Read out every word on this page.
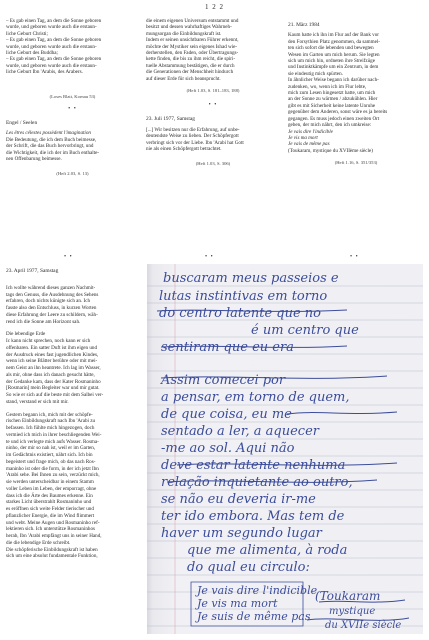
1 2 2

– Es gab einen Tag, an dem die Sonne geboren

wurde, und geboren wurde auch die erstaun-

liche Geburt Christi;

– Es gab einen Tag, an dem die Sonne geboren

wurde, und geboren wurde auch die erstaun-

liche Geburt des Buddha;

– Es gab einen Tag, an dem die Sonne geboren

wurde, und geboren wurde auch die erstaun-

liche Geburt Ibn 'Arabis, des Arabers.

(Loses Blatt, Kornau 53)
• •
Engel / Seelen

Les êtres célestes possèdent l'imagination

Die Bedeutung, die ich dem Buch beimesse,

der Schrift, die das Buch hervorbringt, und

die Wichtigkeit, die ich der im Buch enthalte-

nen Offenbarung beimesse.

(Heft 2.03, S. 13)

die einem eigenen Universum entstammt und

besitzt und dessen wahrhaftiges Wahrneh-

mungsorgan die Einbildungskraft ist.

Indem er seinen unsichtbaren Führer erkennt,

möchte der Mystiker sein eigenes Ishad wie-

derherstellen, den Faden, oder Übertragungs-

kette finden, die bis zu ihm reicht, die spiri-

tuelle Abstammung bestätigen, die er durch

die Generationen der Menschheit hindurch

auf dieser Erde für sich beansprucht.

(Heft 1.03, S. 181–183, 188)
• •
23. Juli 1977, Samstag

[...] Wir besitzen nur die Erfahrung, auf unbe-

deutendste Weise zu lieben. Der Schöpfergott

verbringt sich vor der Liebe. Ibn 'Arabi hat Gott

nie als einen Schöpfergott betrachtet.

(Heft 1.03, S. 306)
21. März 1984

Kaum hatte ich ihn im Flur auf der Bank vor

den Forsythien Platz genommen, da sammel-

ten sich sofort die lebenden und bewegten

Wesen im Garten um mich herum. Sie legten

sich um mich hin, ordneten ihre Streifzüge

und Instinktkämpfe um ein Zentrum, in dem

sie eindeutig mich spürten.

In ähnlicher Weise begann ich darüber nach-

zudenken, wo, wenn ich im Flur lebte,

mich zum Lesen hingesetzt hatte, um mich

an der Sonne zu wärmen / abzukühlen. Hier

gibt es mit Sicherheit keine latente Unruhe

gegenüber dem Anderen, sonst wäre es ja bereits

gegangen. Es muss jedoch einen zweiten Ort

geben, der mich nährt, den ich umkreise:

Je vais dire l'indicible

Je vis ma mort

Je vais de même pas

(Toukaram, mystique du XVIIème siècle)

(Heft 1.16, S. 351/353)
• •	• •	• •
23. April 1977, Samstag

Ich wollte während dieses ganzen Nachmit-

tags den Genuss, die Ausdehnung des Sehens

erfahren, doch nichts künigte sich an. Ich

fasste also den Entschluss, in kurzen Worten

diese Erfahrung der Leere zu schildern, wäh-

rend ich die Sonne am Horizont sah.

Die lebendige Erde

Ic kann nicht sprechen, noch kann er sich

offenbaren. Ein satter Duft ist ihm eigen und

der Ausdruck eines fast jugendlichen Kindes,

wenn ich seine Blätter berühre oder mit mei-

nem Geist an ihn heantrete. Ich lag im Wasser,

als mir, ohne dass ich danach gesucht hätte,

der Gedanke kam, dass der Kater Rosmaninho

[Rosmarin] mein Begleiter war und mir gutat.

So wie er sich auf die beste mit dem Salbei ver-

stand, verstand er sich mit mir.

Gestern begann ich, mich mit der schöpfe-

rischen Einbildungskraft nach Ibn 'Arabi zu

befassen. Ich fühlte mich hingezogen, doch

vermied ich mich in ihrer beschliegenden Wei-

te und ich verlegte mich aufs Wasser. Rosma-

ninho, der mir so nah ist, weil er im Garten,

im Gedächtnis existiert, nährt sich. Ich bin

begeistert und frage mich, ob das nach Ros-

maninho ist oder die form, in der ich jetzt Ibn

'Arabi sehe. Bei Ihnen zu sein, verzückt mich,

sie werden unterscheidbar in einem Stamm

voller Leben im Leben, der emporragt, ohne

dass ich die Ärte des Baumes erkenne. Ein

starkes Licht überstrahlt Rosmaninho und

es eröffnen sich weite Felder tierischer und

pflanzlicher Energie, die im Wind flimmert

und webt. Meine Augen und Rosmaninho ref-

lektieren sich. Ich unterstütze Rosmaninhos

herab, Ibn 'Arabi empfängt uns in seiner Hand,

die die lebendige Erde schreibt.

Die schöpferische Einbildungskraft ist haben

sich um eine absolut fundamentale Funktion,

buscaram meus passeios e
lutas instintivas em torno
do centro latente que no
é um centro que
sentiram que eu era
Assim comecei por
a pensar, em torno de quem,
de que coisa, eu me
sentado a ler, a aquecer
-me ao sol. Aqui não
deve estar latente nenhuma
relação inquietante ao outro,
se não eu deveria ir-me
ter ido embora. Mas tem de
haver um segundo lugar
que me alimenta, à roda
do qual eu circulo:
Je vais dire l'indicible
Je vis ma mort
Je suis de même pas
(Toukaram
mystique
du XVIIe siècle
